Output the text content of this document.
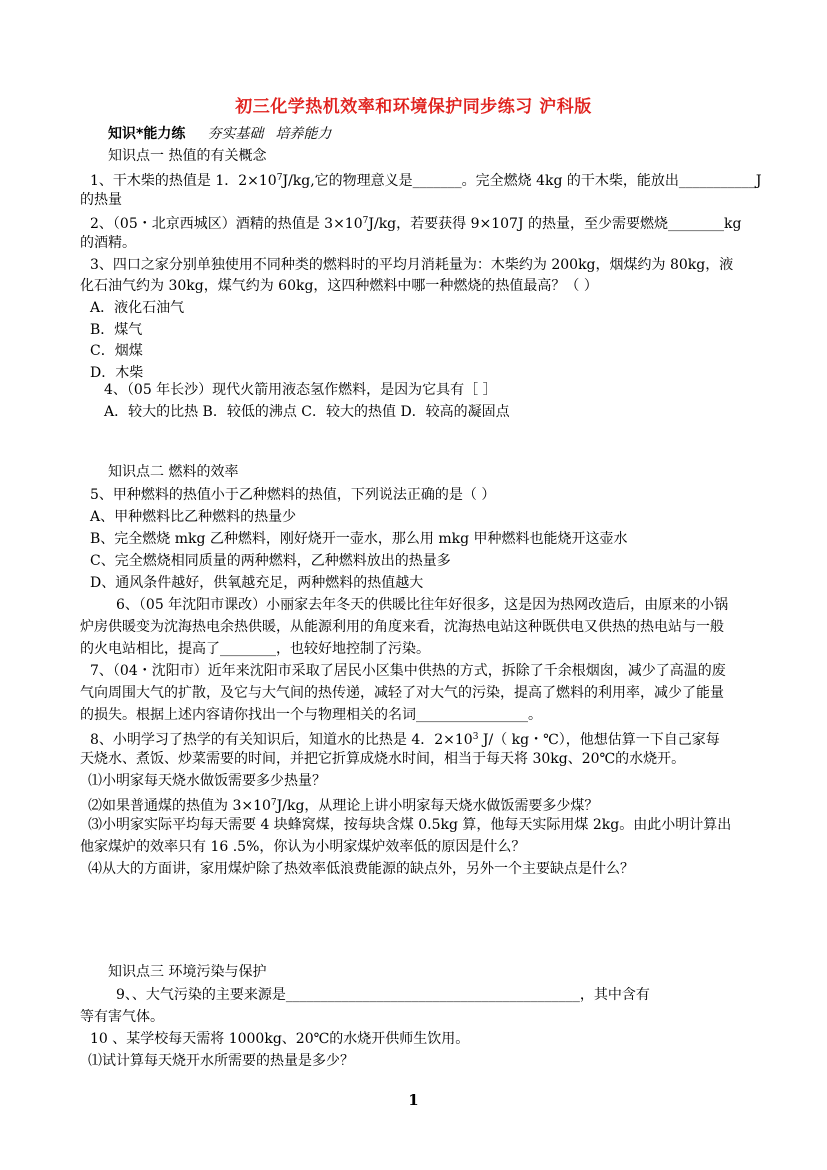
初三化学热机效率和环境保护同步练习 沪科版
知识*能力练 夯实基础 培养能力
知识点一 热值的有关概念
1、干木柴的热值是 1．$2\times 10^7J/kg$,它的物理意义是_______。完全燃烧 4kg 的干木柴，能放出___________J
的热量
2、（05・北京西城区）酒精的热值是 $3\times 10^7J/kg$，若要获得 9×107J 的热量，至少需要燃烧________kg
的酒精。
3、四口之家分别单独使用不同种类的燃料时的平均月消耗量为：木柴约为 200kg，烟煤约为 80kg，液
化石油气约为 30kg，煤气约为 60kg，这四种燃料中哪一种燃烧的热值最高？（ ）
A．液化石油气
B．煤气
C．烟煤
D．木柴
4、（05 年长沙）现代火箭用液态氢作燃料，是因为它具有［ ］
A．较大的比热 B．较低的沸点 C．较大的热值 D．较高的凝固点
知识点二 燃料的效率
5、甲种燃料的热值小于乙种燃料的热值，下列说法正确的是（ ）
A、甲种燃料比乙种燃料的热量少
B、完全燃烧 mkg 乙种燃料，刚好烧开一壶水，那么用 mkg 甲种燃料也能烧开这壶水
C、完全燃烧相同质量的两种燃料，乙种燃料放出的热量多
D、通风条件越好，供氧越充足，两种燃料的热值越大
6、（05 年沈阳市课改）小丽家去年冬天的供暖比往年好很多，这是因为热网改造后，由原来的小锅
炉房供暖变为沈海热电余热供暖，从能源利用的角度来看，沈海热电站这种既供电又供热的热电站与一般
的火电站相比，提高了________，也较好地控制了污染。
7、（04・沈阳市）近年来沈阳市采取了居民小区集中供热的方式，拆除了千余根烟囱，减少了高温的废
气向周围大气的扩散，及它与大气间的热传递，减轻了对大气的污染，提高了燃料的利用率，减少了能量
的损失。根据上述内容请你找出一个与物理相关的名词________________。
8、小明学习了热学的有关知识后，知道水的比热是 4．$2\times 10^3$ J/（ kg・℃），他想估算一下自己家每
天烧水、煮饭、炒菜需要的时间，并把它折算成烧水时间，相当于每天将 30kg、20℃的水烧开。
⑴小明家每天烧水做饭需要多少热量？
⑵如果普通煤的热值为 $3\times 10^7J/kg$，从理论上讲小明家每天烧水做饭需要多少煤？
⑶小明家实际平均每天需要 4 块蜂窝煤，按每块含煤 0.5kg 算，他每天实际用煤 2kg。由此小明计算出
他家煤炉的效率只有 16 .5%，你认为小明家煤炉效率低的原因是什么？
⑷从大的方面讲，家用煤炉除了热效率低浪费能源的缺点外，另外一个主要缺点是什么？
知识点三 环境污染与保护
9、、大气污染的主要来源是__________________________________________，其中含有
等有害气体。
10 、某学校每天需将 1000kg、20℃的水烧开供师生饮用。
⑴试计算每天烧开水所需要的热量是多少？
1
